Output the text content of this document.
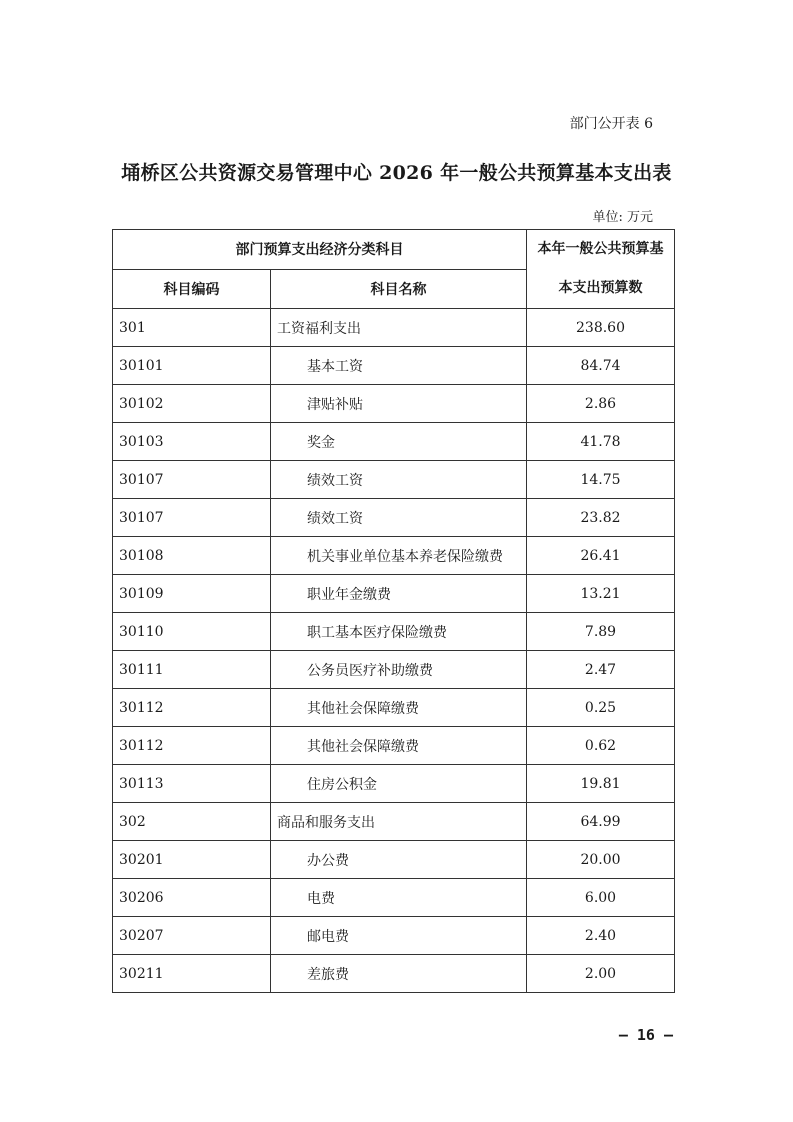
部门公开表 6
埇桥区公共资源交易管理中心 2026 年一般公共预算基本支出表
单位: 万元
部门预算支出经济分类科目		本年一般公共预算基本支出预算数

科目编码	科目名称	
301	工资福利支出	238.60
30101	基本工资	84.74
30102	津贴补贴	2.86
30103	奖金	41.78
30107	绩效工资	14.75
30107	绩效工资	23.82
30108	机关事业单位基本养老保险缴费	26.41
30109	职业年金缴费	13.21
30110	职工基本医疗保险缴费	7.89
30111	公务员医疗补助缴费	2.47
30112	其他社会保障缴费	0.25
30112	其他社会保障缴费	0.62
30113	住房公积金	19.81
302	商品和服务支出	64.99
30201	办公费	20.00
30206	电费	6.00
30207	邮电费	2.40
30211	差旅费	2.00
– 16 –
